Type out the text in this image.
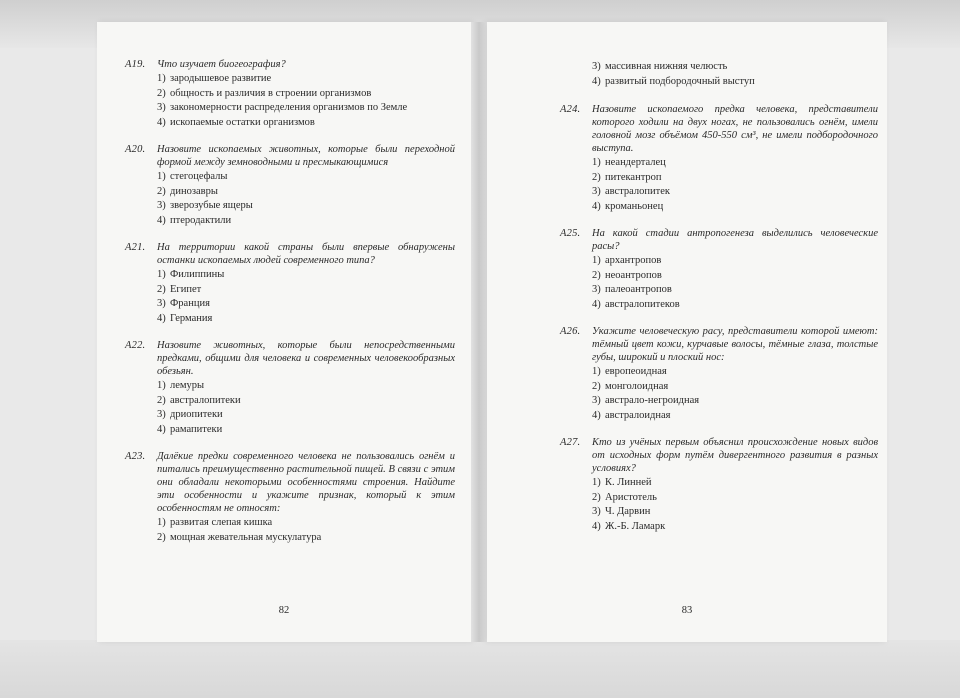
A19.	Что изучает биогеография?
1) зародышевое развитие
2) общность и различия в строении организмов
3) закономерности распределения организмов по Земле
4) ископаемые остатки организмов
A20.	Назовите ископаемых животных, которые были переходной формой между земноводными и пресмыкающимися
1) стегоцефалы
2) динозавры
3) зверозубые ящеры
4) птеродактили
A21.	На территории какой страны были впервые обнаружены останки ископаемых людей современного типа?
1) Филиппины
2) Египет
3) Франция
4) Германия
A22.	Назовите животных, которые были непосредственными предками, общими для человека и современных человекообразных обезьян.
1) лемуры
2) австралопитеки
3) дриопитеки
4) рамапитеки
A23.	Далёкие предки современного человека не пользовались огнём и питались преимущественно растительной пищей. В связи с этим они обладали некоторыми особенностями строения. Найдите эти особенности и укажите признак, который к этим особенностям не относят:
1) развитая слепая кишка
2) мощная жевательная мускулатура
82
3) массивная нижняя челюсть
4) развитый подбородочный выступ
A24.	Назовите ископаемого предка человека, представители которого ходили на двух ногах, не пользовались огнём, имели головной мозг объёмом 450-550 см³, не имели подбородочного выступа.
1) неандерталец
2) питекантроп
3) австралопитек
4) кроманьонец
A25.	На какой стадии антропогенеза выделились человеческие расы?
1) архантропов
2) неоантропов
3) палеоантропов
4) австралопитеков
A26.	Укажите человеческую расу, представители которой имеют: тёмный цвет кожи, курчавые волосы, тёмные глаза, толстые губы, широкий и плоский нос:
1) европеоидная
2) монголоидная
3) австрало-негроидная
4) австралоидная
A27.	Кто из учёных первым объяснил происхождение новых видов от исходных форм путём дивергентного развития в разных условиях?
1) К. Линней
2) Аристотель
3) Ч. Дарвин
4) Ж.-Б. Ламарк
83
